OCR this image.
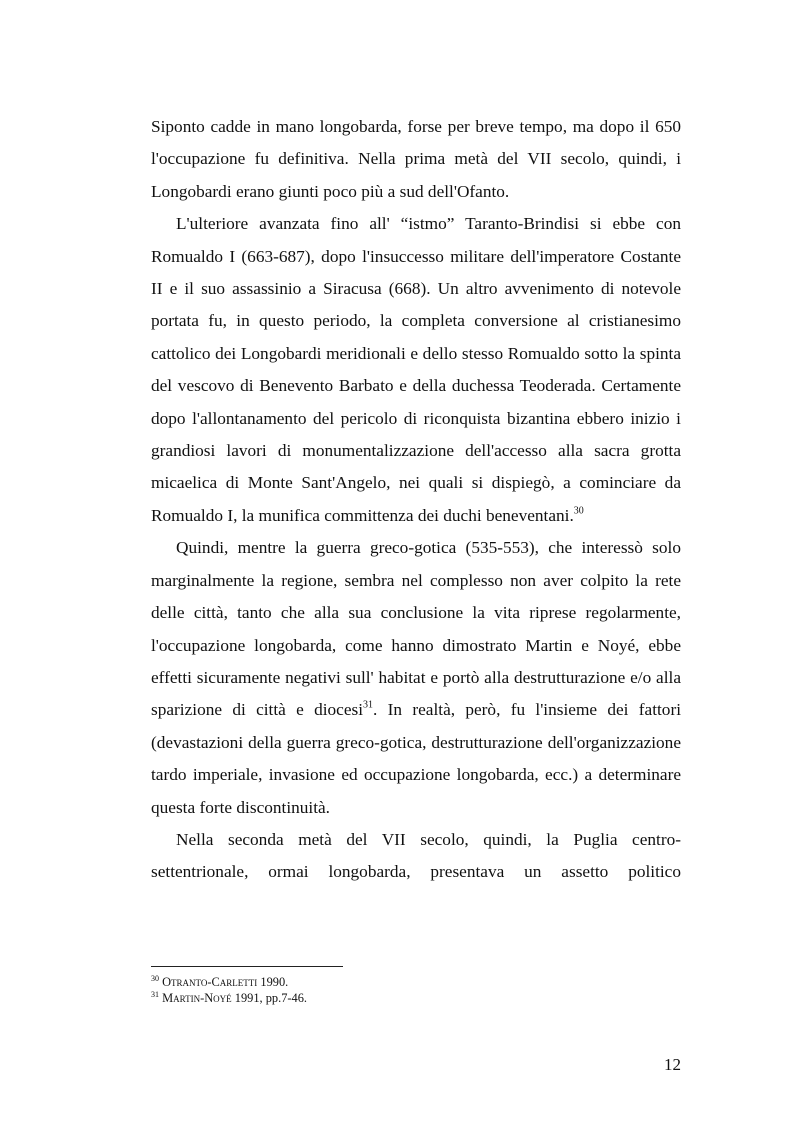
Siponto cadde in mano longobarda, forse per breve tempo, ma dopo il 650 l'occupazione fu definitiva. Nella prima metà del VII secolo, quindi, i Longobardi erano giunti poco più a sud dell'Ofanto.

L'ulteriore avanzata fino all' “istmo” Taranto-Brindisi si ebbe con Romualdo I (663-687), dopo l'insuccesso militare dell'imperatore Costante II e il suo assassinio a Siracusa (668). Un altro avvenimento di notevole portata fu, in questo periodo, la completa conversione al cristianesimo cattolico dei Longobardi meridionali e dello stesso Romualdo sotto la spinta del vescovo di Benevento Barbato e della duchessa Teoderada. Certamente dopo l'allontanamento del pericolo di riconquista bizantina ebbero inizio i grandiosi lavori di monumentalizzazione dell'accesso alla sacra grotta micaelica di Monte Sant'Angelo, nei quali si dispiegò, a cominciare da Romualdo I, la munifica committenza dei duchi beneventani.$^{30}$

Quindi, mentre la guerra greco-gotica (535-553), che interessò solo marginalmente la regione, sembra nel complesso non aver colpito la rete delle città, tanto che alla sua conclusione la vita riprese regolarmente, l'occupazione longobarda, come hanno dimostrato Martin e Noyé, ebbe effetti sicuramente negativi sull' habitat e portò alla destrutturazione e/o alla sparizione di città e diocesi$^{31}$. In realtà, però, fu l'insieme dei fattori (devastazioni della guerra greco-gotica, destrutturazione dell'organizzazione tardo imperiale, invasione ed occupazione longobarda, ecc.) a determinare questa forte discontinuità.

Nella seconda metà del VII secolo, quindi, la Puglia centro-settentrionale, ormai longobarda, presentava un assetto politico

$^{30}$ Otranto-Carletti 1990.

$^{31}$ Martin-Noyé 1991, pp.7-46.

12
